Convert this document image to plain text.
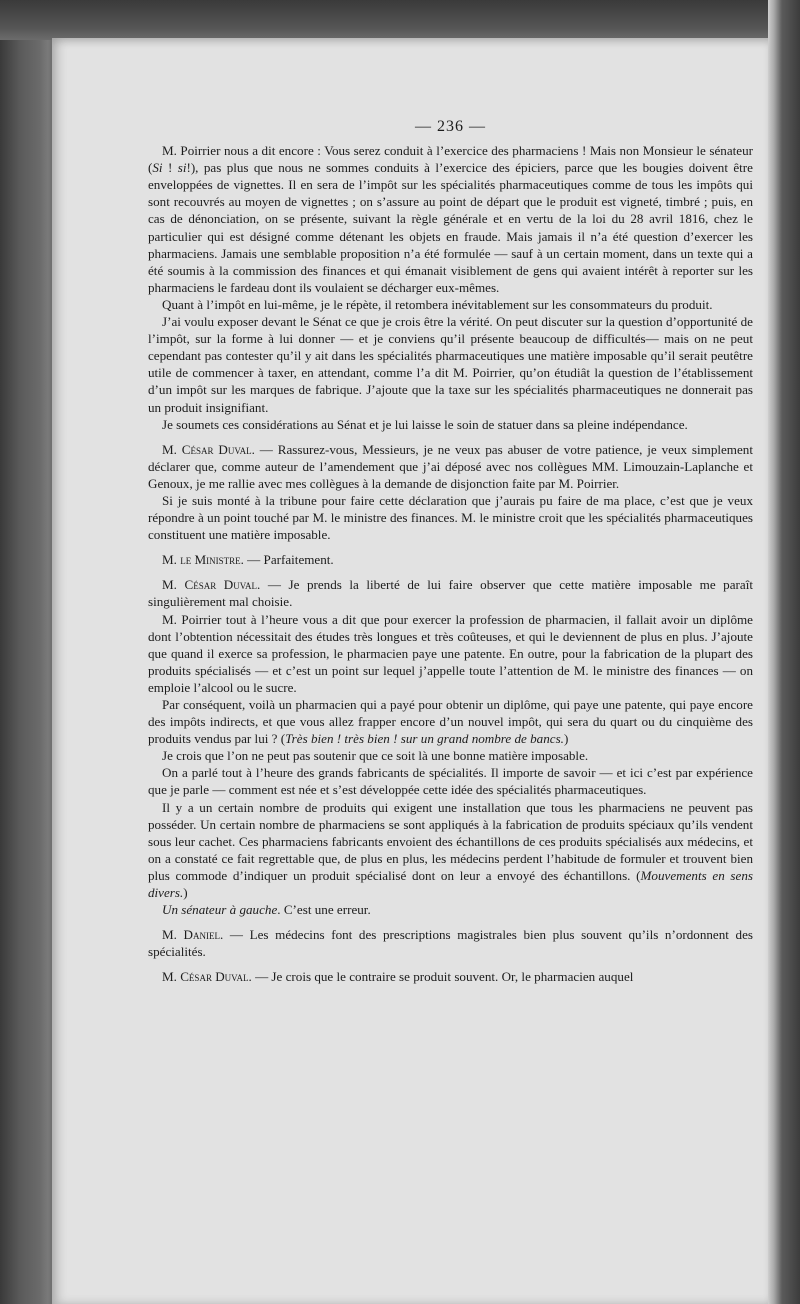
— 236 —

M. Poirrier nous a dit encore : Vous serez conduit à l’exercice des pharmaciens ! Mais non Monsieur le sénateur (Si ! si!), pas plus que nous ne sommes conduits à l’exercice des épiciers, parce que les bougies doivent être enveloppées de vignettes. Il en sera de l’impôt sur les spécialités pharmaceutiques comme de tous les impôts qui sont recouvrés au moyen de vignettes ; on s’assure au point de départ que le produit est vigneté, timbré ; puis, en cas de dénonciation, on se présente, suivant la règle générale et en vertu de la loi du 28 avril 1816, chez le particulier qui est désigné comme détenant les objets en fraude. Mais jamais il n’a été question d’exercer les pharmaciens. Jamais une semblable proposition n’a été formulée — sauf à un certain moment, dans un texte qui a été soumis à la commission des finances et qui émanait visiblement de gens qui avaient intérêt à reporter sur les pharmaciens le fardeau dont ils voulaient se décharger eux-mêmes.

Quant à l’impôt en lui-même, je le répète, il retombera inévitablement sur les consommateurs du produit.

J’ai voulu exposer devant le Sénat ce que je crois être la vérité. On peut discuter sur la question d’opportunité de l’impôt, sur la forme à lui donner — et je conviens qu’il présente beaucoup de difficultés— mais on ne peut cependant pas contester qu’il y ait dans les spécialités pharmaceutiques une matière imposable qu’il serait peutêtre utile de commencer à taxer, en attendant, comme l’a dit M. Poirrier, qu’on étudiât la question de l’établissement d’un impôt sur les marques de fabrique. J’ajoute que la taxe sur les spécialités pharmaceutiques ne donnerait pas un produit insignifiant.

Je soumets ces considérations au Sénat et je lui laisse le soin de statuer dans sa pleine indépendance.

M. César Duval. — Rassurez-vous, Messieurs, je ne veux pas abuser de votre patience, je veux simplement déclarer que, comme auteur de l’amendement que j’ai déposé avec nos collègues MM. Limouzain-Laplanche et Genoux, je me rallie avec mes collègues à la demande de disjonction faite par M. Poirrier.

Si je suis monté à la tribune pour faire cette déclaration que j’aurais pu faire de ma place, c’est que je veux répondre à un point touché par M. le ministre des finances. M. le ministre croit que les spécialités pharmaceutiques constituent une matière imposable.

M. le Ministre. — Parfaitement.

M. César Duval. — Je prends la liberté de lui faire observer que cette matière imposable me paraît singulièrement mal choisie.

M. Poirrier tout à l’heure vous a dit que pour exercer la profession de pharmacien, il fallait avoir un diplôme dont l’obtention nécessitait des études très longues et très coûteuses, et qui le deviennent de plus en plus. J’ajoute que quand il exerce sa profession, le pharmacien paye une patente. En outre, pour la fabrication de la plupart des produits spécialisés — et c’est un point sur lequel j’appelle toute l’attention de M. le ministre des finances — on emploie l’alcool ou le sucre.

Par conséquent, voilà un pharmacien qui a payé pour obtenir un diplôme, qui paye une patente, qui paye encore des impôts indirects, et que vous allez frapper encore d’un nouvel impôt, qui sera du quart ou du cinquième des produits vendus par lui ? (Très bien ! très bien ! sur un grand nombre de bancs.)

Je crois que l’on ne peut pas soutenir que ce soit là une bonne matière imposable.

On a parlé tout à l’heure des grands fabricants de spécialités. Il importe de savoir — et ici c’est par expérience que je parle — comment est née et s’est développée cette idée des spécialités pharmaceutiques.

Il y a un certain nombre de produits qui exigent une installation que tous les pharmaciens ne peuvent pas posséder. Un certain nombre de pharmaciens se sont appliqués à la fabrication de produits spéciaux qu’ils vendent sous leur cachet. Ces pharmaciens fabricants envoient des échantillons de ces produits spécialisés aux médecins, et on a constaté ce fait regrettable que, de plus en plus, les médecins perdent l’habitude de formuler et trouvent bien plus commode d’indiquer un produit spécialisé dont on leur a envoyé des échantillons. (Mouvements en sens divers.)

Un sénateur à gauche. C’est une erreur.

M. Daniel. — Les médecins font des prescriptions magistrales bien plus souvent qu’ils n’ordonnent des spécialités.

M. César Duval. — Je crois que le contraire se produit souvent. Or, le pharmacien auquel
